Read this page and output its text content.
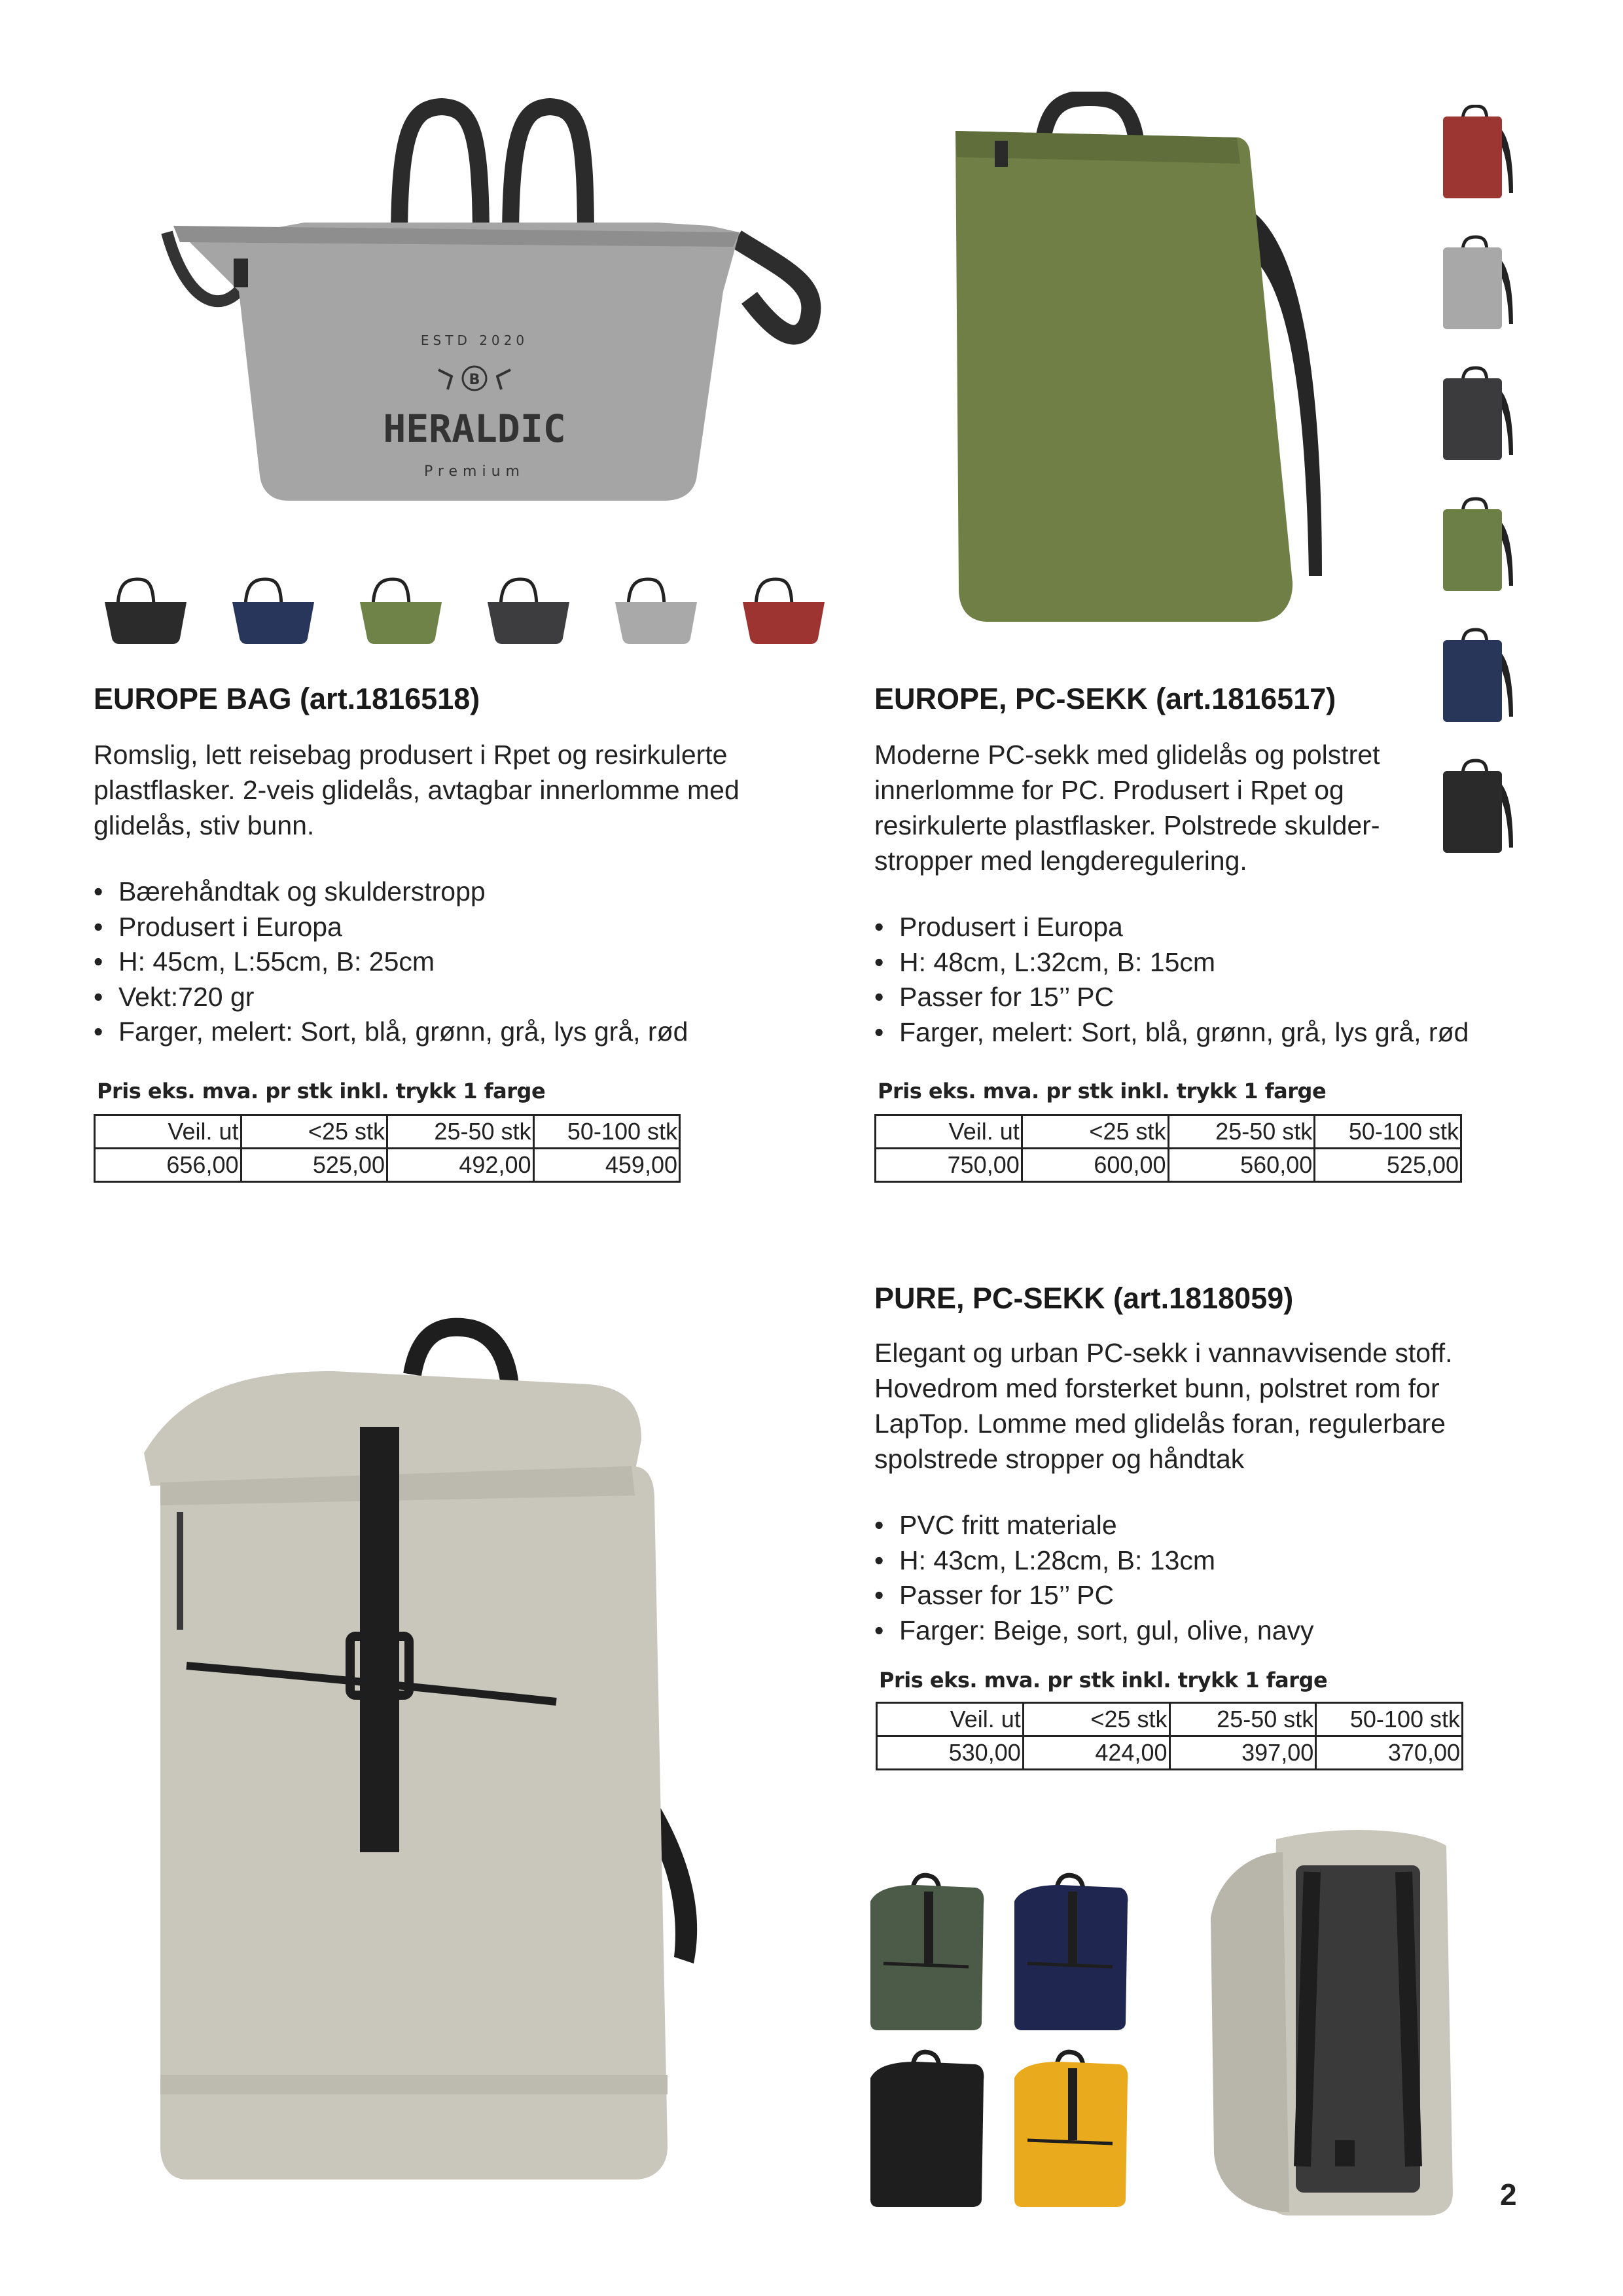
ESTD 2020
B
HERALDIC
Premium
EUROPE BAG (art.1816518)
Romslig, lett reisebag produsert i Rpet og resirkulerte
plastflasker. 2-veis glidelås, avtagbar innerlomme med
glidelås, stiv bunn.
• Bærehåndtak og skulderstropp
• Produsert i Europa
• H: 45cm, L:55cm, B: 25cm
• Vekt:720 gr
• Farger, melert: Sort, blå, grønn, grå, lys grå, rød
Pris eks. mva. pr stk inkl. trykk 1 farge
Veil. ut	<25 stk	25-50 stk	50-100 stk
656,00	525,00	492,00	459,00
EUROPE, PC-SEKK (art.1816517)
Moderne PC-sekk med glidelås og polstret
innerlomme for PC. Produsert i Rpet og
resirkulerte plastflasker. Polstrede skulder-
stropper med lengderegulering.
• Produsert i Europa
• H: 48cm, L:32cm, B: 15cm
• Passer for 15’’ PC
• Farger, melert: Sort, blå, grønn, grå, lys grå, rød
Pris eks. mva. pr stk inkl. trykk 1 farge
Veil. ut	<25 stk	25-50 stk	50-100 stk
750,00	600,00	560,00	525,00
PURE, PC-SEKK (art.1818059)
Elegant og urban PC-sekk i vannavvisende stoff.
Hovedrom med forsterket bunn, polstret rom for
LapTop. Lomme med glidelås foran, regulerbare
spolstrede stropper og håndtak
• PVC fritt materiale
• H: 43cm, L:28cm, B: 13cm
• Passer for 15’’ PC
• Farger: Beige, sort, gul, olive, navy
Pris eks. mva. pr stk inkl. trykk 1 farge
Veil. ut	<25 stk	25-50 stk	50-100 stk
530,00	424,00	397,00	370,00
2
